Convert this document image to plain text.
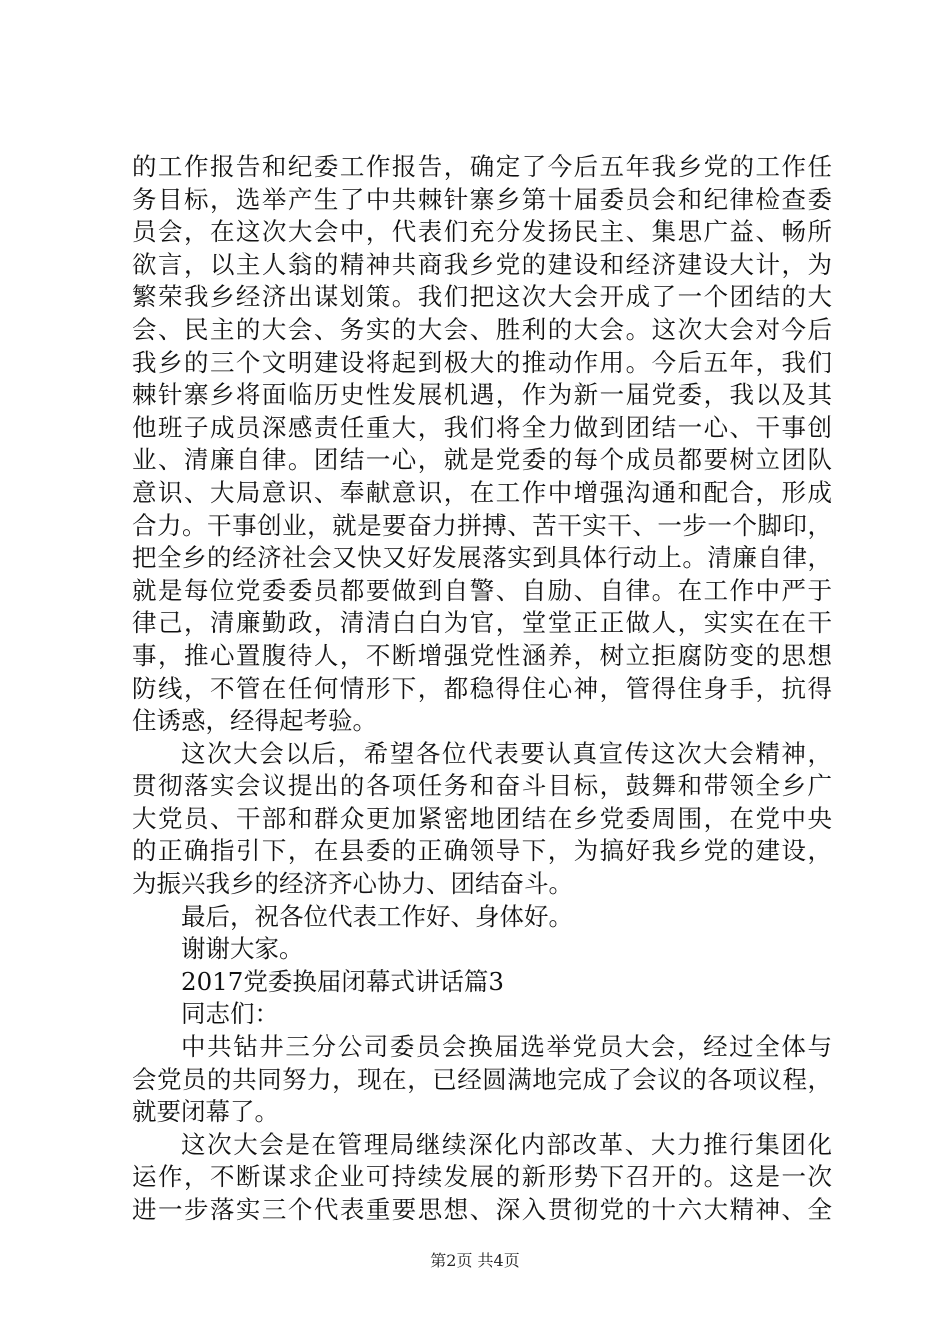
的工作报告和纪委工作报告，确定了今后五年我乡党的工作任
务目标，选举产生了中共棘针寨乡第十届委员会和纪律检查委
员会，在这次大会中，代表们充分发扬民主、集思广益、畅所
欲言，以主人翁的精神共商我乡党的建设和经济建设大计，为
繁荣我乡经济出谋划策。我们把这次大会开成了一个团结的大
会、民主的大会、务实的大会、胜利的大会。这次大会对今后
我乡的三个文明建设将起到极大的推动作用。今后五年，我们
棘针寨乡将面临历史性发展机遇，作为新一届党委，我以及其
他班子成员深感责任重大，我们将全力做到团结一心、干事创
业、清廉自律。团结一心，就是党委的每个成员都要树立团队
意识、大局意识、奉献意识，在工作中增强沟通和配合，形成
合力。干事创业，就是要奋力拼搏、苦干实干、一步一个脚印，
把全乡的经济社会又快又好发展落实到具体行动上。清廉自律，
就是每位党委委员都要做到自警、自励、自律。在工作中严于
律己，清廉勤政，清清白白为官，堂堂正正做人，实实在在干
事，推心置腹待人，不断增强党性涵养，树立拒腐防变的思想
防线，不管在任何情形下，都稳得住心神，管得住身手，抗得
住诱惑，经得起考验。
这次大会以后，希望各位代表要认真宣传这次大会精神，
贯彻落实会议提出的各项任务和奋斗目标，鼓舞和带领全乡广
大党员、干部和群众更加紧密地团结在乡党委周围，在党中央
的正确指引下，在县委的正确领导下，为搞好我乡党的建设，
为振兴我乡的经济齐心协力、团结奋斗。
最后，祝各位代表工作好、身体好。
谢谢大家。
2017党委换届闭幕式讲话篇3
同志们：
中共钻井三分公司委员会换届选举党员大会，经过全体与
会党员的共同努力，现在，已经圆满地完成了会议的各项议程，
就要闭幕了。
这次大会是在管理局继续深化内部改革、大力推行集团化
运作，不断谋求企业可持续发展的新形势下召开的。这是一次
进一步落实三个代表重要思想、深入贯彻党的十六大精神、全
第2页 共4页
